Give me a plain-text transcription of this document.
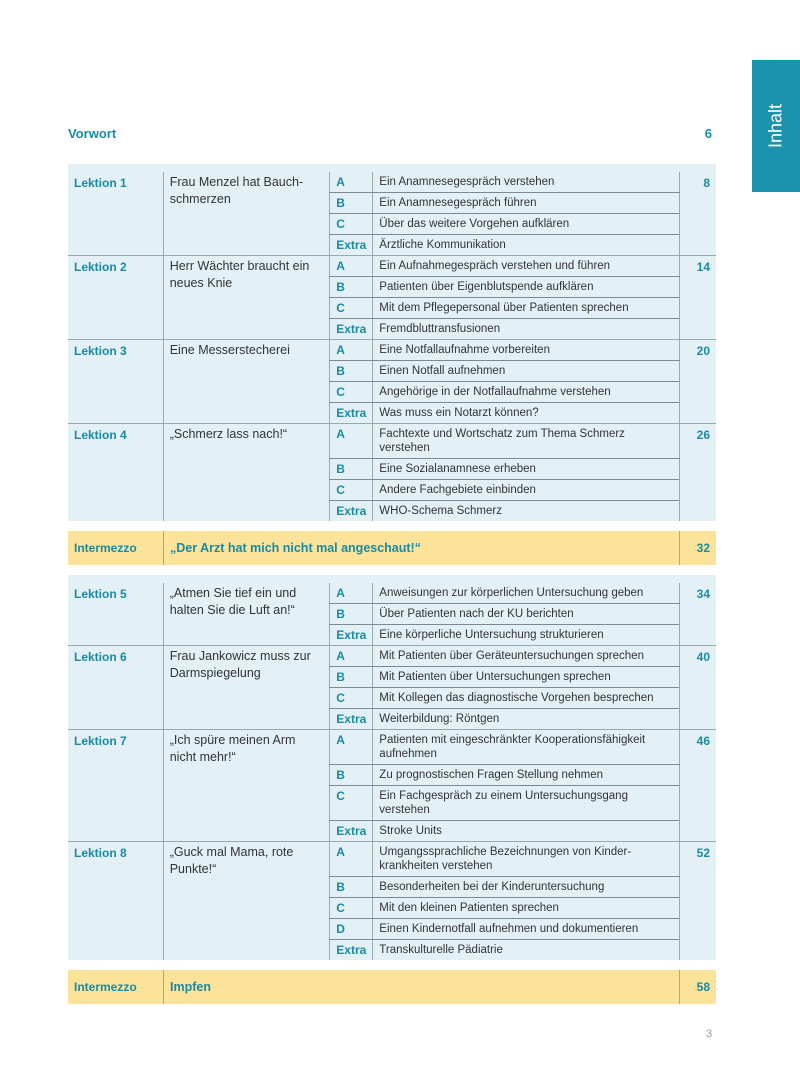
Inhalt
Vorwort	6

Lektion 1	Frau Menzel hat Bauch-schmerzen	A	Ein Anamnesegespräch verstehen	8
		B	Ein Anamnesegespräch führen	
		C	Über das weitere Vorgehen aufklären	
		Extra	Ärztliche Kommunikation	
Lektion 2	Herr Wächter braucht ein neues Knie	A	Ein Aufnahmegespräch verstehen und führen	14
		B	Patienten über Eigenblutspende aufklären	
		C	Mit dem Pflegepersonal über Patienten sprechen	
		Extra	Fremdbluttransfusionen	
Lektion 3	Eine Messerstecherei	A	Eine Notfallaufnahme vorbereiten	20
		B	Einen Notfall aufnehmen	
		C	Angehörige in der Notfallaufnahme verstehen	
		Extra	Was muss ein Notarzt können?	
Lektion 4	„Schmerz lass nach!“	A	Fachtexte und Wortschatz zum Thema Schmerz verstehen	26
		B	Eine Sozialanamnese erheben	
		C	Andere Fachgebiete einbinden	
		Extra	WHO-Schema Schmerz	
Intermezzo	„Der Arzt hat mich nicht mal angeschaut!“	32

Lektion 5	„Atmen Sie tief ein und halten Sie die Luft an!“	A	Anweisungen zur körperlichen Untersuchung geben	34
		B	Über Patienten nach der KU berichten	
		Extra	Eine körperliche Untersuchung strukturieren	
Lektion 6	Frau Jankowicz muss zur Darmspiegelung	A	Mit Patienten über Geräteuntersuchungen sprechen	40
		B	Mit Patienten über Untersuchungen sprechen	
		C	Mit Kollegen das diagnostische Vorgehen besprechen	
		Extra	Weiterbildung: Röntgen	
Lektion 7	„Ich spüre meinen Arm nicht mehr!“	A	Patienten mit eingeschränkter Kooperationsfähigkeit aufnehmen	46
		B	Zu prognostischen Fragen Stellung nehmen	
		C	Ein Fachgespräch zu einem Untersuchungsgang verstehen	
		Extra	Stroke Units	
Lektion 8	„Guck mal Mama, rote Punkte!“	A	Umgangssprachliche Bezeichnungen von Kinder-krankheiten verstehen	52
		B	Besonderheiten bei der Kinderuntersuchung	
		C	Mit den kleinen Patienten sprechen	
		D	Einen Kindernotfall aufnehmen und dokumentieren	
		Extra	Transkulturelle Pädiatrie	
Intermezzo	Impfen	58
3
